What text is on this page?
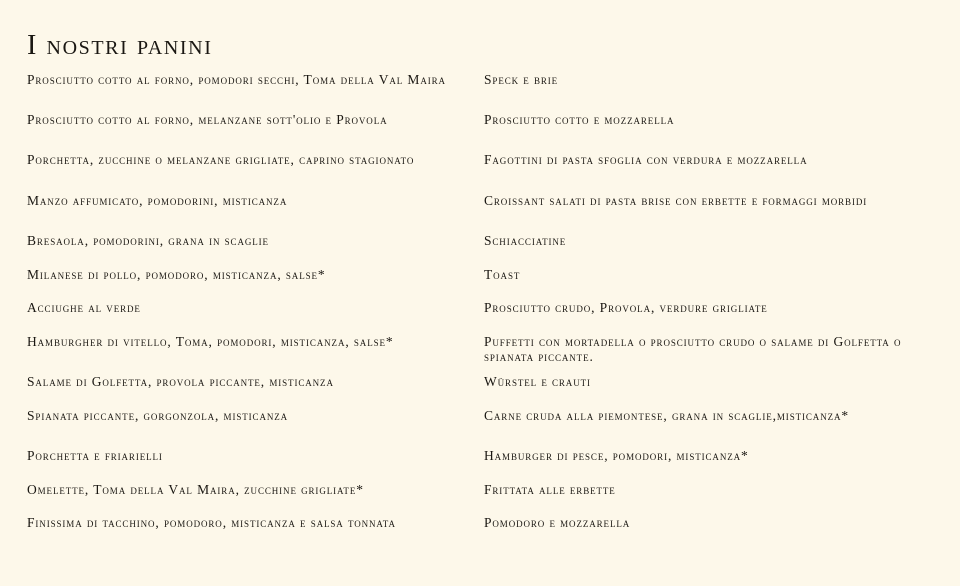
I nostri panini
Prosciutto cotto al forno, pomodori secchi, Toma della Val Maira	Speck e brie
Prosciutto cotto al forno, melanzane sott'olio e Provola	Prosciutto cotto e mozzarella
Porchetta, zucchine o melanzane grigliate, caprino stagionato	Fagottini di pasta sfoglia con verdura e mozzarella
Manzo affumicato, pomodorini, misticanza	Croissant salati di pasta brise con erbette e formaggi morbidi
Bresaola, pomodorini, grana in scaglie	Schiacciatine
Milanese di pollo, pomodoro, misticanza, salse*	Toast
Acciughe al verde	Prosciutto crudo, Provola, verdure grigliate
Hamburgher di vitello, Toma, pomodori, misticanza, salse*	Puffetti con mortadella o prosciutto crudo o salame di Golfetta o spianata piccante.
Salame di Golfetta, provola piccante, misticanza	Würstel e crauti
Spianata piccante, gorgonzola, misticanza	Carne cruda alla piemontese, grana in scaglie,misticanza*
Porchetta e friarielli	Hamburger di pesce, pomodori, misticanza*
Omelette, Toma della Val Maira, zucchine grigliate*	Frittata alle erbette
Finissima di tacchino, pomodoro, misticanza e salsa tonnata	Pomodoro e mozzarella
